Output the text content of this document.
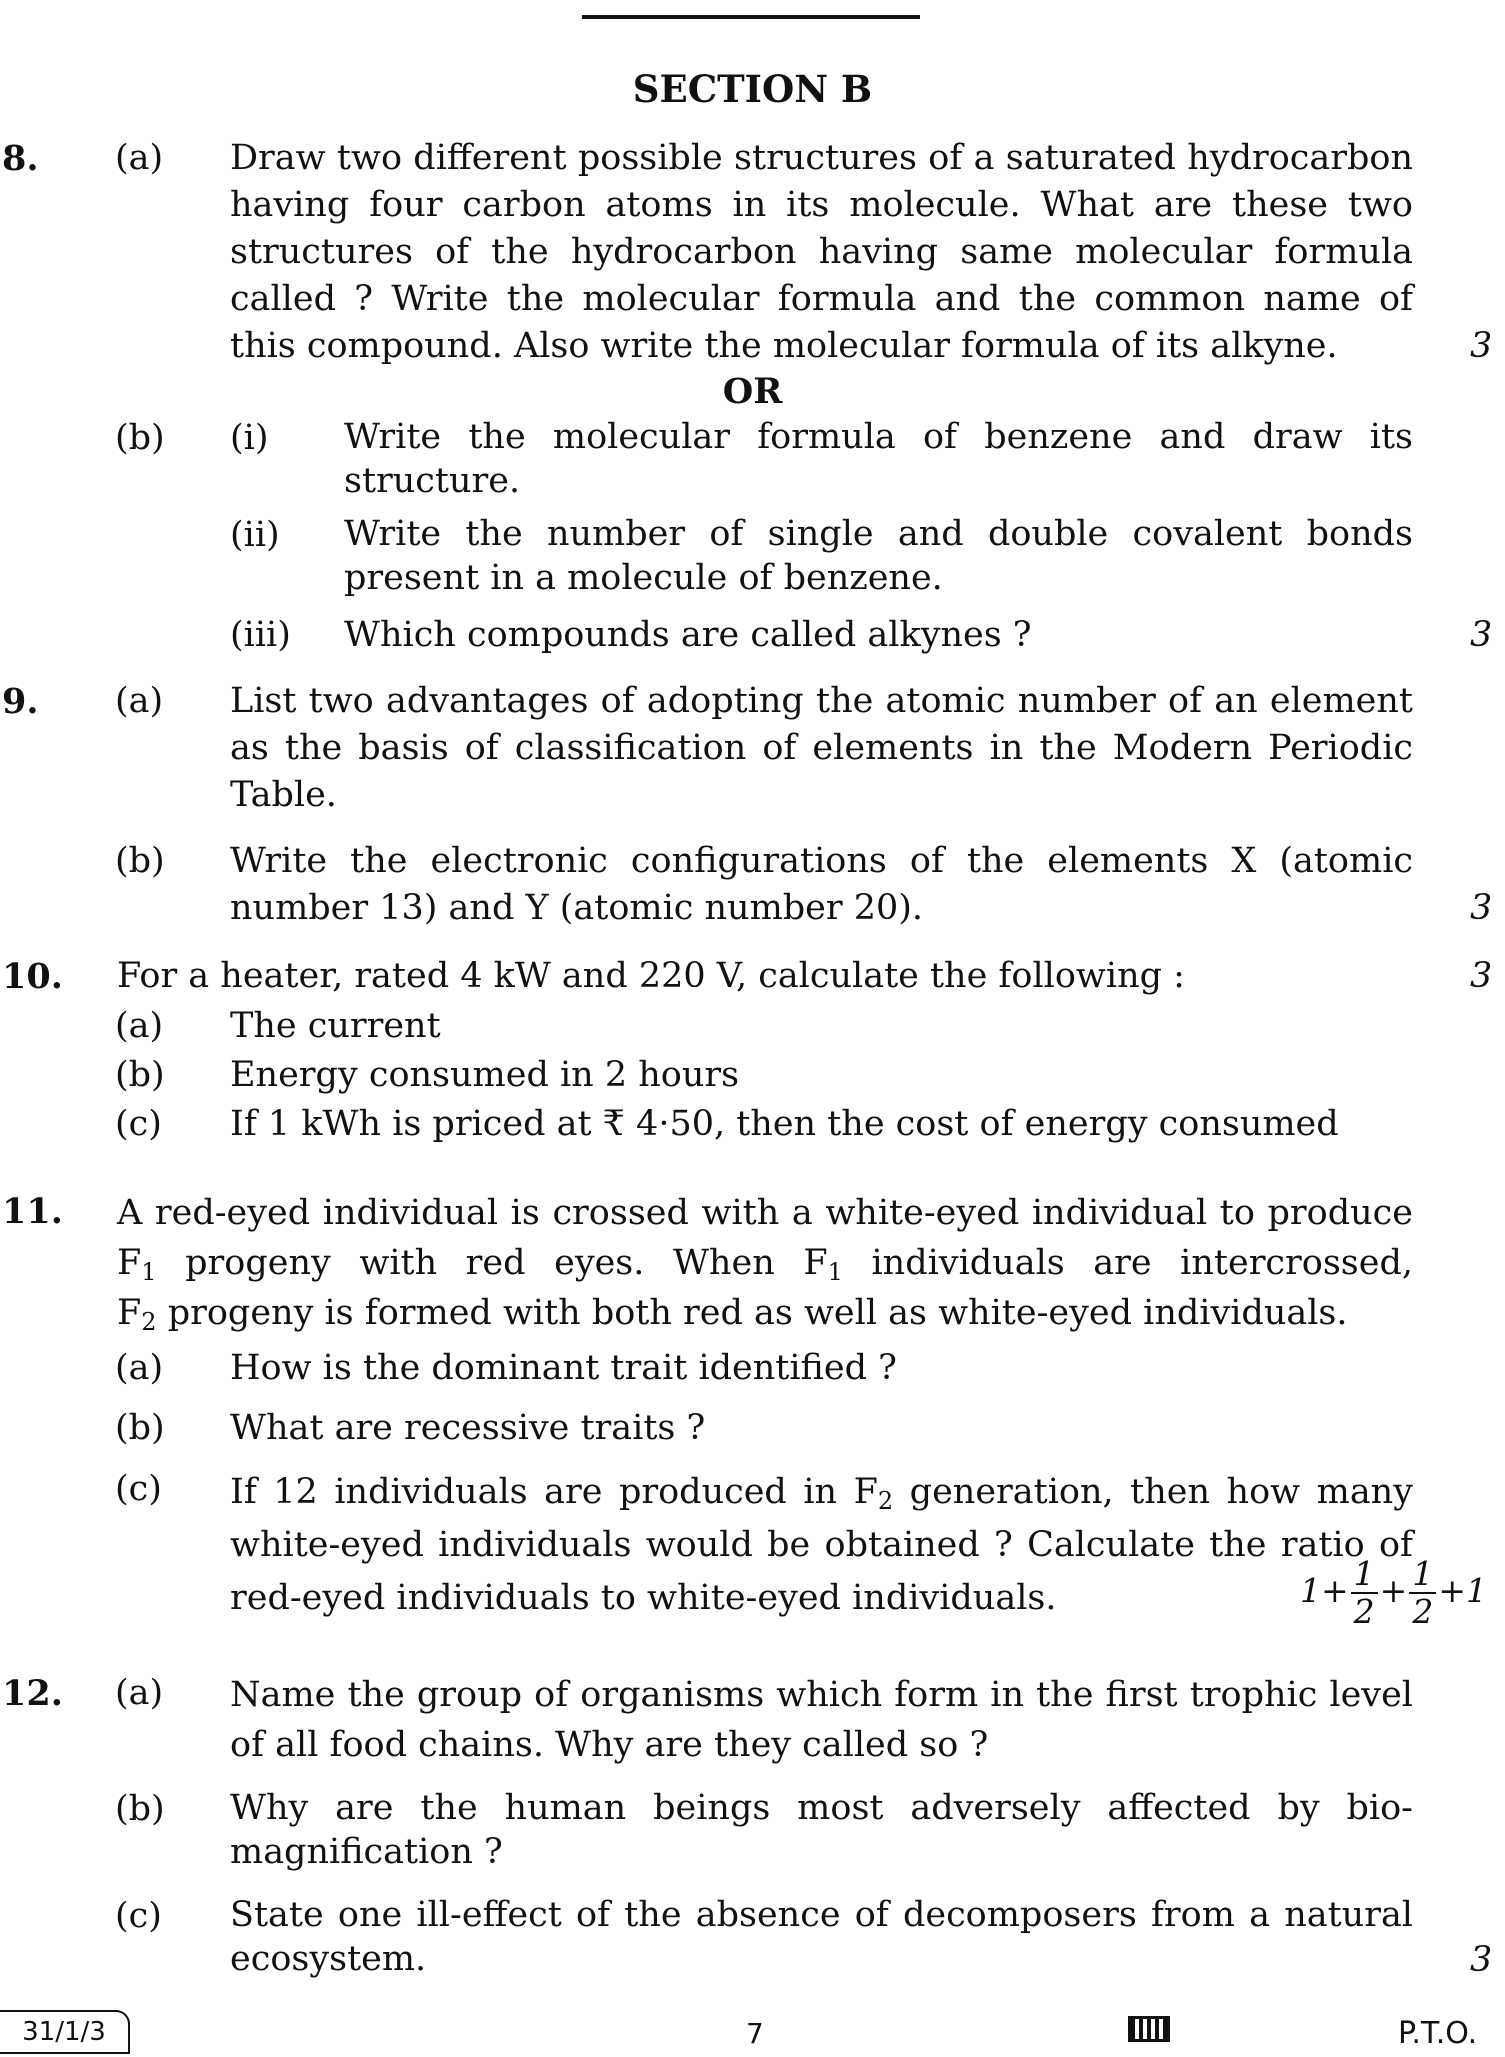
SECTION B
8. (a) Draw two different possible structures of a saturated hydrocarbon having four carbon atoms in its molecule. What are these two structures of the hydrocarbon having same molecular formula called ? Write the molecular formula and the common name of this compound. Also write the molecular formula of its alkyne.	3
OR
(b) (i) Write the molecular formula of benzene and draw its structure.
(ii) Write the number of single and double covalent bonds present in a molecule of benzene.
(iii) Which compounds are called alkynes ?	3
9. (a) List two advantages of adopting the atomic number of an element as the basis of classification of elements in the Modern Periodic Table.
(b) Write the electronic configurations of the elements X (atomic number 13) and Y (atomic number 20).	3
10. For a heater, rated 4 kW and 220 V, calculate the following :	3
(a) The current
(b) Energy consumed in 2 hours
(c) If 1 kWh is priced at ₹ 4·50, then the cost of energy consumed
11. A red-eyed individual is crossed with a white-eyed individual to produce
$F_1$ progeny with red eyes. When $F_1$ individuals are intercrossed,
$F_2$ progeny is formed with both red as well as white-eyed individuals.
(a) How is the dominant trait identified ?
(b) What are recessive traits ?
(c) If 12 individuals are produced in $F_2$ generation, then how many
white-eyed individuals would be obtained ? Calculate the ratio of
red-eyed individuals to white-eyed individuals.	$1+ \frac{1}{2} + \frac{1}{2} +1$
12. (a) Name the group of organisms which form in the first trophic level of all food chains. Why are they called so ?
(b) Why are the human beings most adversely affected by bio-magnification ?
(c) State one ill-effect of the absence of decomposers from a natural ecosystem.	3
31/1/3	7	P.T.O.
